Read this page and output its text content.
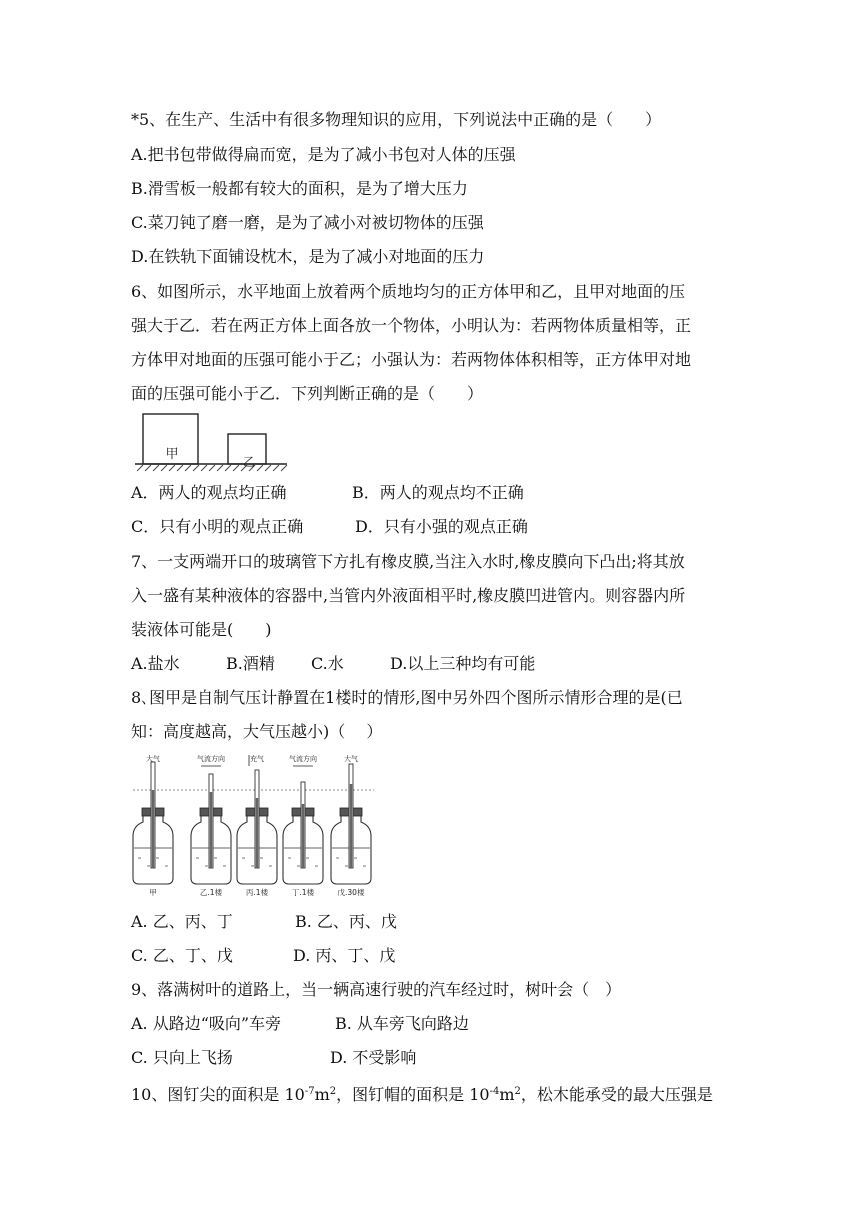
*5、在生产、生活中有很多物理知识的应用，下列说法中正确的是（　　）
A.把书包带做得扁而宽，是为了减小书包对人体的压强
B.滑雪板一般都有较大的面积，是为了增大压力
C.菜刀钝了磨一磨，是为了减小对被切物体的压强
D.在铁轨下面铺设枕木，是为了减小对地面的压力
6、如图所示，水平地面上放着两个质地均匀的正方体甲和乙，且甲对地面的压
强大于乙．若在两正方体上面各放一个物体，小明认为：若两物体质量相等，正
方体甲对地面的压强可能小于乙；小强认为：若两物体体积相等，正方体甲对地
面的压强可能小于乙．下列判断正确的是（　　）
甲	乙
A．两人的观点均正确	B．两人的观点均不正确
C．只有小明的观点正确	D．只有小强的观点正确
7、一支两端开口的玻璃管下方扎有橡皮膜,当注入水时,橡皮膜向下凸出;将其放
入一盛有某种液体的容器中,当管内外液面相平时,橡皮膜凹进管内。则容器内所
装液体可能是(　　)
A.盐水	B.酒精 C.水	D.以上三种均有可能
8､图甲是自制气压计静置在1楼时的情形,图中另外四个图所示情形合理的是(已
知：高度越高，大气压越小)（　 ）
大气
甲
气流方向
乙.1楼
充气
丙.1楼
气流方向
丁.1楼
大气
戊.30楼
A. 乙、丙、丁	B. 乙、丙、戊
C. 乙、丁、戊	D. 丙、丁、戊
9、落满树叶的道路上，当一辆高速行驶的汽车经过时，树叶会（　）
A. 从路边“吸向”车旁	B. 从车旁飞向路边
C. 只向上飞扬	D. 不受影响
10、图钉尖的面积是 $10^{-7}m^2$，图钉帽的面积是 $10^{-4}m^2$，松木能承受的最大压强是
